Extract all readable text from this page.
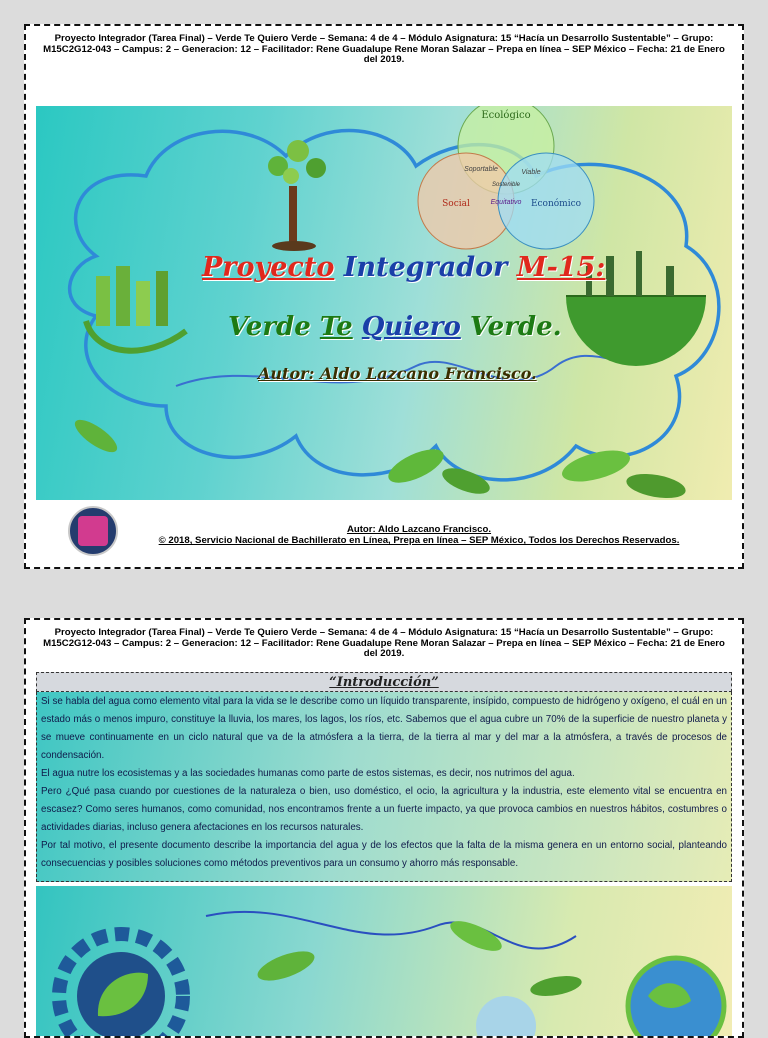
Proyecto Integrador (Tarea Final) – Verde Te Quiero Verde – Semana: 4 de 4 – Módulo Asignatura: 15 “Hacía un Desarrollo Sustentable” – Grupo: M15C2G12-043 – Campus: 2 – Generacion: 12 – Facilitador: Rene Guadalupe Rene Moran Salazar – Prepa en línea – SEP México – Fecha: 21 de Enero del 2019.
Ecológico
Social	Económico
Soportable	Viable
Sostenible
Equitativo
Proyecto Integrador M-15:
Verde Te Quiero Verde.
Autor: Aldo Lazcano Francisco.
Autor: Aldo Lazcano Francisco.
© 2018, Servicio Nacional de Bachillerato en Línea, Prepa en línea – SEP México, Todos los Derechos Reservados.
Proyecto Integrador (Tarea Final) – Verde Te Quiero Verde – Semana: 4 de 4 – Módulo Asignatura: 15 “Hacía un Desarrollo Sustentable” – Grupo: M15C2G12-043 – Campus: 2 – Generacion: 12 – Facilitador: Rene Guadalupe Rene Moran Salazar – Prepa en línea – SEP México – Fecha: 21 de Enero del 2019.
“Introducción”

Si se habla del agua como elemento vital para la vida se le describe como un líquido transparente, insípido, compuesto de hidrógeno y oxígeno, el cuál en un estado más o menos impuro, constituye la lluvia, los mares, los lagos, los ríos, etc. Sabemos que el agua cubre un 70% de la superficie de nuestro planeta y se mueve continuamente en un ciclo natural que va de la atmósfera a la tierra, de la tierra al mar y del mar a la atmósfera, a través de procesos de condensación.

El agua nutre los ecosistemas y a las sociedades humanas como parte de estos sistemas, es decir, nos nutrimos del agua.

Pero ¿Qué pasa cuando por cuestiones de la naturaleza o bien, uso doméstico, el ocio, la agricultura y la industria, este elemento vital se encuentra en escasez? Como seres humanos, como comunidad, nos encontramos frente a un fuerte impacto, ya que provoca cambios en nuestros hábitos, costumbres o actividades diarias, incluso genera afectaciones en los recursos naturales.

Por tal motivo, el presente documento describe la importancia del agua y de los efectos que la falta de la misma genera en un entorno social, planteando consecuencias y posibles soluciones como métodos preventivos para un consumo y ahorro más responsable.
